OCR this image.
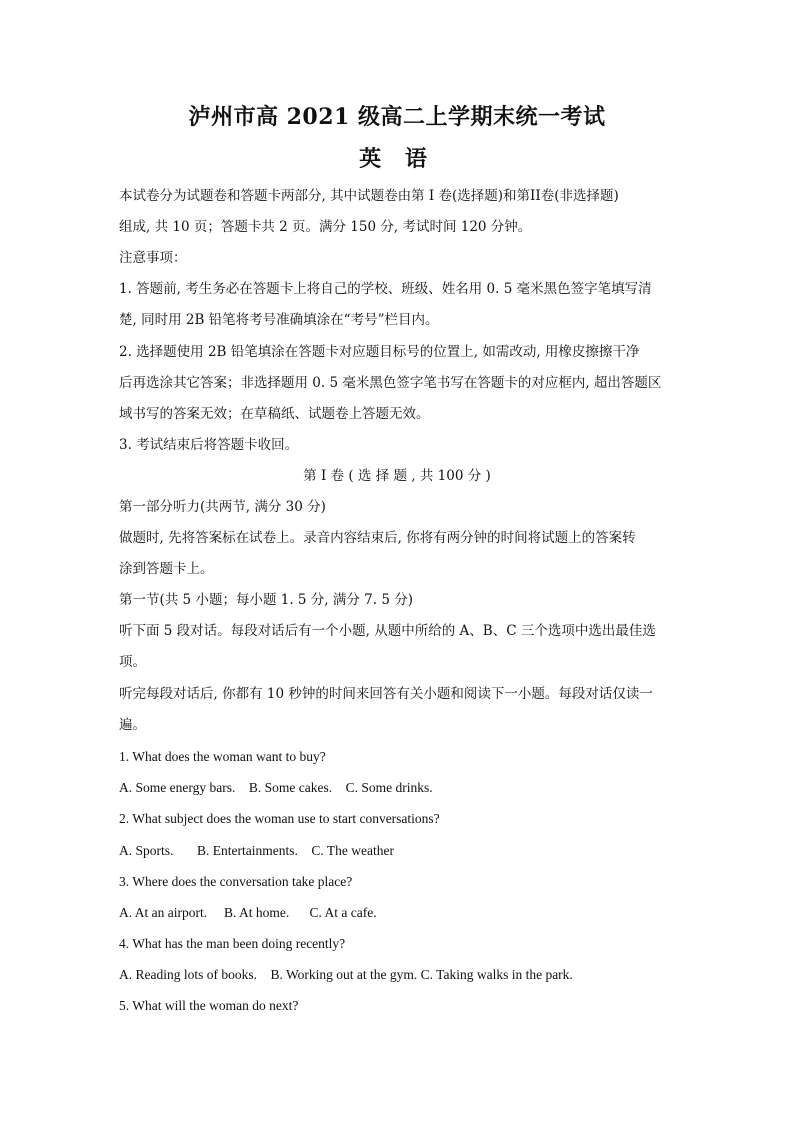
泸州市高 2021 级高二上学期末统一考试
英 语
本试卷分为试题卷和答题卡两部分, 其中试题卷由第 I 卷(选择题)和第II卷(非选择题)
组成, 共 10 页；答题卡共 2 页。满分 150 分, 考试时间 120 分钟。
注意事项：
1. 答题前, 考生务必在答题卡上将自己的学校、班级、姓名用 0. 5 毫米黑色签字笔填写清
楚, 同时用 2B 铅笔将考号准确填涂在“考号”栏目内。
2. 选择题使用 2B 铅笔填涂在答题卡对应题目标号的位置上, 如需改动, 用橡皮擦擦干净
后再选涂其它答案；非选择题用 0. 5 毫米黑色签字笔书写在答题卡的对应框内, 超出答题区
域书写的答案无效；在草稿纸、试题卷上答题无效。
3. 考试结束后将答题卡收回。
第 I 卷 ( 选 择 题 , 共 100 分 )
第一部分听力(共两节, 满分 30 分)
做题时, 先将答案标在试卷上。录音内容结束后, 你将有两分钟的时间将试题上的答案转
涂到答题卡上。
第一节(共 5 小题；每小题 1. 5 分, 满分 7. 5 分)
听下面 5 段对话。每段对话后有一个小题, 从题中所给的 A、B、C 三个选项中选出最佳选
项。
听完每段对话后, 你都有 10 秒钟的时间来回答有关小题和阅读下一小题。每段对话仅读一
遍。
1. What does the woman want to buy?
A. Some energy bars.    B. Some cakes.    C. Some drinks.
2. What subject does the woman use to start conversations?
A. Sports.       B. Entertainments.    C. The weather
3. Where does the conversation take place?
A. At an airport.     B. At home.      C. At a cafe.
4. What has the man been doing recently?
A. Reading lots of books.    B. Working out at the gym. C. Taking walks in the park.
5. What will the woman do next?
